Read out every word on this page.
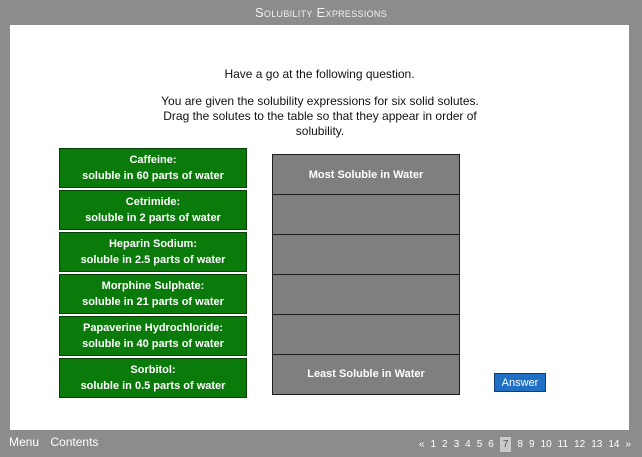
Solubility Expressions
Have a go at the following question.
You are given the solubility expressions for six solid solutes.
Drag the solutes to the table so that they appear in order of
solubility.
Caffeine:
soluble in 60 parts of water
Cetrimide:
soluble in 2 parts of water
Heparin Sodium:
soluble in 2.5 parts of water
Morphine Sulphate:
soluble in 21 parts of water
Papaverine Hydrochloride:
soluble in 40 parts of water
Sorbitol:
soluble in 0.5 parts of water
Most Soluble in Water
Least Soluble in Water
Answer
Menu Contents	« 1 2 3 4 5 6 7 8 9 10 11 12 13 14 »
